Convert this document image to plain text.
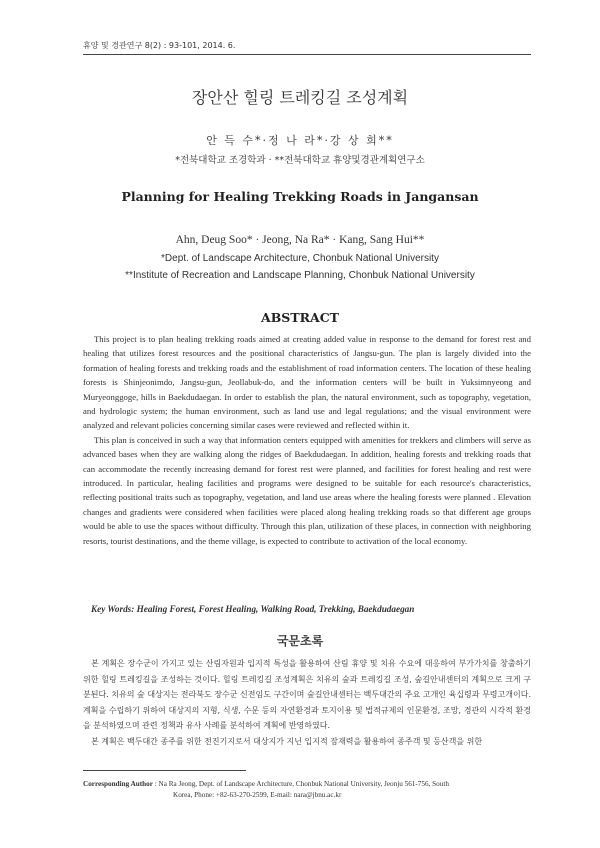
휴양 및 경관연구 8(2) : 93-101, 2014. 6.
장안산 힐링 트레킹길 조성계획
안 득 수*·정 나 라*·강 상 희**
*전북대학교 조경학과 · **전북대학교 휴양및경관계획연구소
Planning for Healing Trekking Roads in Jangansan
Ahn, Deug Soo* · Jeong, Na Ra* · Kang, Sang Hui**
*Dept. of Landscape Architecture, Chonbuk National University
**Institute of Recreation and Landscape Planning, Chonbuk National University
ABSTRACT

This project is to plan healing trekking roads aimed at creating added value in response to the demand for forest rest and healing that utilizes forest resources and the positional characteristics of Jangsu-gun. The plan is largely divided into the formation of healing forests and trekking roads and the establishment of road information centers. The location of these healing forests is Shinjeonimdo, Jangsu-gun, Jeollabuk-do, and the information centers will be built in Yuksimnyeong and Muryeonggoge, hills in Baekdudaegan. In order to establish the plan, the natural environment, such as topography, vegetation, and hydrologic system; the human environment, such as land use and legal regulations; and the visual environment were analyzed and relevant policies concerning similar cases were reviewed and reflected within it.

This plan is conceived in such a way that information centers equipped with amenities for trekkers and climbers will serve as advanced bases when they are walking along the ridges of Baekdudaegan. In addition, healing forests and trekking roads that can accommodate the recently increasing demand for forest rest were planned, and facilities for forest healing and rest were introduced. In particular, healing facilities and programs were designed to be suitable for each resource's characteristics, reflecting positional traits such as topography, vegetation, and land use areas where the healing forests were planned . Elevation changes and gradients were considered when facilities were placed along healing trekking roads so that different age groups would be able to use the spaces without difficulty. Through this plan, utilization of these places, in connection with neighboring resorts, tourist destinations, and the theme village, is expected to contribute to activation of the local economy.

Key Words: Healing Forest, Forest Healing, Walking Road, Trekking, Baekdudaegan
국문초록

본 계획은 장수군이 가지고 있는 산림자원과 입지적 특성을 활용하여 산림 휴양 및 치유 수요에 대응하여 부가가치를 창출하기 위한 힐링 트레킹길을 조성하는 것이다. 힐링 트레킹길 조성계획은 치유의 숲과 트레킹길 조성, 숲길안내센터의 계획으로 크게 구분된다. 치유의 숲 대상지는 전라북도 장수군 신전임도 구간이며 숲길안내센터는 백두대간의 주요 고개인 육십령과 무령고개이다. 계획을 수립하기 위하여 대상지의 지형, 식생, 수문 등의 자연환경과 토지이용 및 법적규제의 인문환경, 조망, 경관의 시각적 환경을 분석하였으며 관련 정책과 유사 사례를 분석하여 계획에 반영하였다.

본 계획은 백두대간 종주를 위한 전진기지로서 대상지가 지닌 입지적 잠재력을 활용하여 종주객 및 등산객을 위한

Corresponding Author : Na Ra Jeong, Dept. of Landscape Architecture, Chonbuk National University, Jeonju 561-756, South
Korea, Phone: +82-63-270-2599, E-mail: nara@jbnu.ac.kr
